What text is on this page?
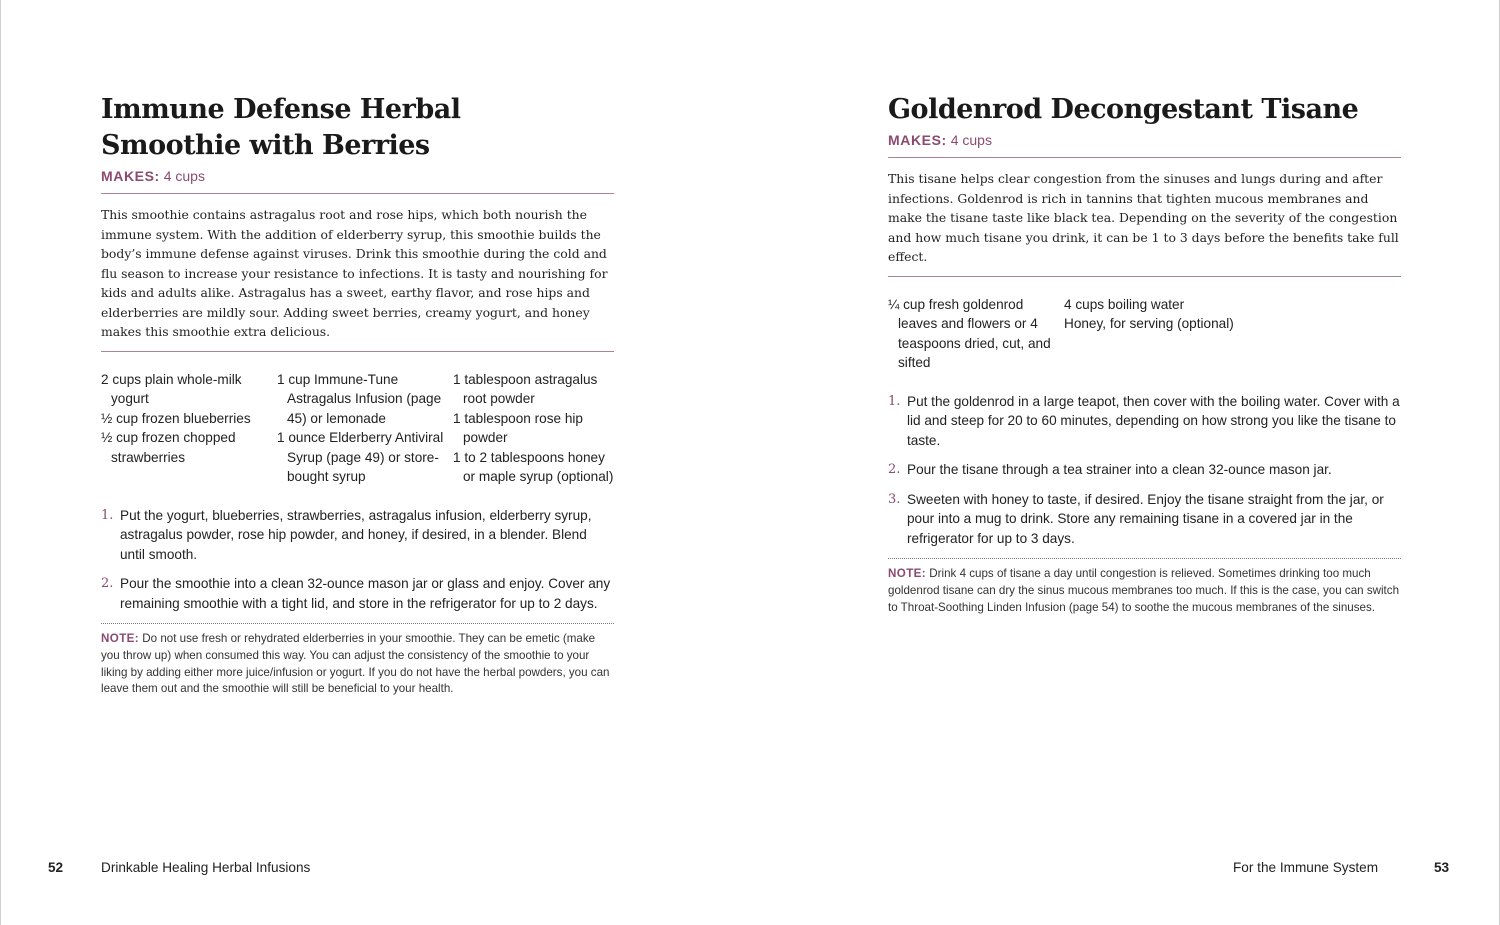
Immune Defense Herbal
Smoothie with Berries
MAKES: 4 cups

This smoothie contains astragalus root and rose hips, which both nourish the immune system. With the addition of elderberry syrup, this smoothie builds the body’s immune defense against viruses. Drink this smoothie during the cold and flu season to increase your resistance to infections. It is tasty and nourishing for kids and adults alike. Astragalus has a sweet, earthy flavor, and rose hips and elderberries are mildly sour. Adding sweet berries, creamy yogurt, and honey makes this smoothie extra delicious.

2 cups plain whole-milk yogurt
½ cup frozen blueberries
½ cup frozen chopped strawberries
1 cup Immune-Tune Astragalus Infusion (page 45) or lemonade
1 ounce Elderberry Antiviral Syrup (page 49) or store-bought syrup
1 tablespoon astragalus root powder
1 tablespoon rose hip powder
1 to 2 tablespoons honey or maple syrup (optional)
1. Put the yogurt, blueberries, strawberries, astragalus infusion, elderberry syrup, astragalus powder, rose hip powder, and honey, if desired, in a blender. Blend until smooth.
2. Pour the smoothie into a clean 32-ounce mason jar or glass and enjoy. Cover any remaining smoothie with a tight lid, and store in the refrigerator for up to 2 days.
NOTE: Do not use fresh or rehydrated elderberries in your smoothie. They can be emetic (make you throw up) when consumed this way. You can adjust the consistency of the smoothie to your liking by adding either more juice/infusion or yogurt. If you do not have the herbal powders, you can leave them out and the smoothie will still be beneficial to your health.
52	Drinkable Healing Herbal Infusions
Goldenrod Decongestant Tisane
MAKES: 4 cups

This tisane helps clear congestion from the sinuses and lungs during and after infections. Goldenrod is rich in tannins that tighten mucous membranes and make the tisane taste like black tea. Depending on the severity of the congestion and how much tisane you drink, it can be 1 to 3 days before the benefits take full effect.

¼ cup fresh goldenrod leaves and flowers or 4 teaspoons dried, cut, and sifted
4 cups boiling water
Honey, for serving (optional)
1. Put the goldenrod in a large teapot, then cover with the boiling water. Cover with a lid and steep for 20 to 60 minutes, depending on how strong you like the tisane to taste.
2. Pour the tisane through a tea strainer into a clean 32-ounce mason jar.
3. Sweeten with honey to taste, if desired. Enjoy the tisane straight from the jar, or pour into a mug to drink. Store any remaining tisane in a covered jar in the refrigerator for up to 3 days.
NOTE: Drink 4 cups of tisane a day until congestion is relieved. Sometimes drinking too much goldenrod tisane can dry the sinus mucous membranes too much. If this is the case, you can switch to Throat-Soothing Linden Infusion (page 54) to soothe the mucous membranes of the sinuses.
For the Immune System	53
